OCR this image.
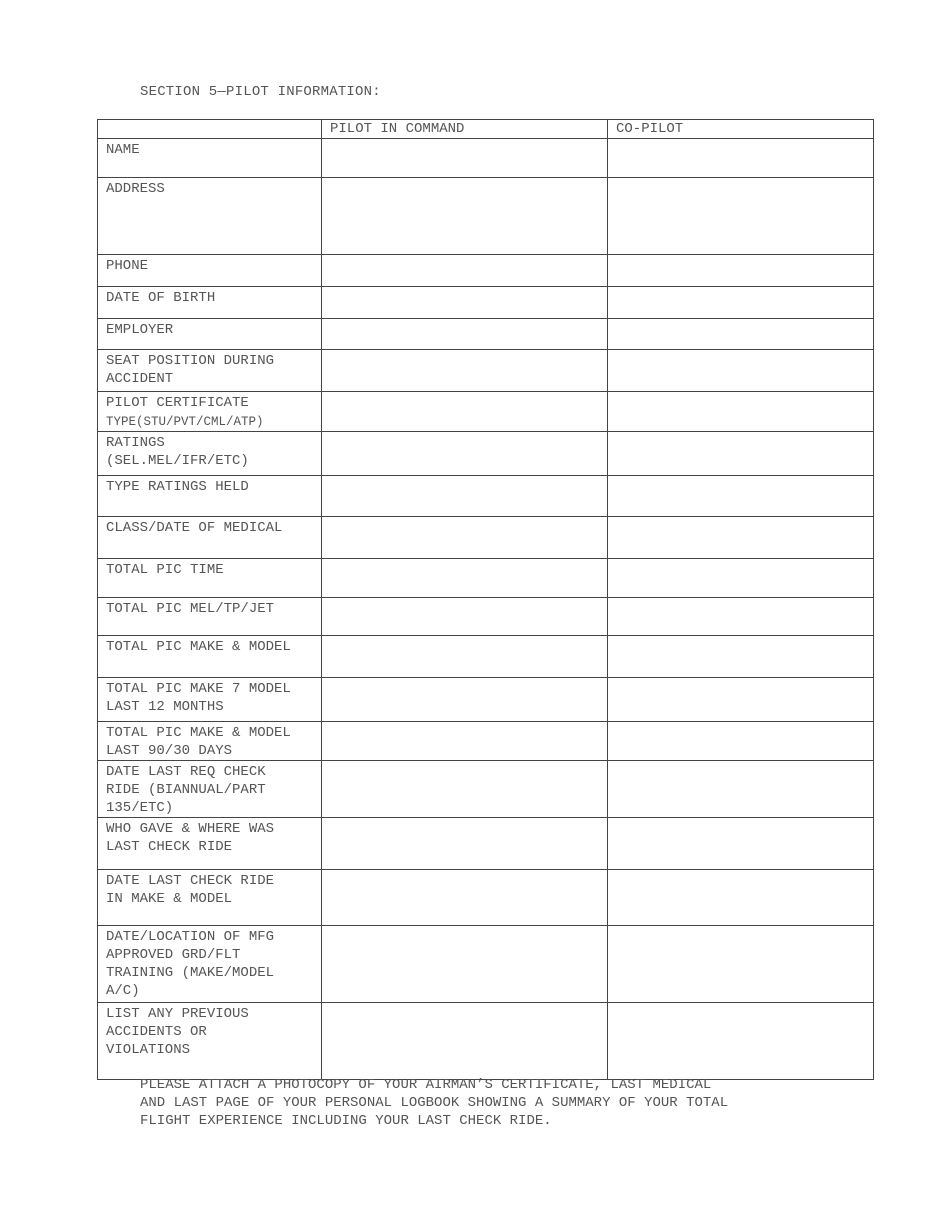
SECTION 5—PILOT INFORMATION:
	PILOT IN COMMAND	CO-PILOT

NAME		

ADDRESS		

PHONE		

DATE OF BIRTH		

EMPLOYER		

SEAT POSITION DURING
ACCIDENT		

PILOT CERTIFICATE
TYPE(STU/PVT/CML/ATP)		

RATINGS
(SEL.MEL/IFR/ETC)		

TYPE RATINGS HELD		

CLASS/DATE OF MEDICAL		

TOTAL PIC TIME		

TOTAL PIC MEL/TP/JET		

TOTAL PIC MAKE & MODEL		

TOTAL PIC MAKE 7 MODEL
LAST 12 MONTHS		

TOTAL PIC MAKE & MODEL
LAST 90/30 DAYS		

DATE LAST REQ CHECK
RIDE (BIANNUAL/PART
135/ETC)		

WHO GAVE & WHERE WAS
LAST CHECK RIDE		

DATE LAST CHECK RIDE
IN MAKE & MODEL		

DATE/LOCATION OF MFG
APPROVED GRD/FLT
TRAINING (MAKE/MODEL
A/C)		

LIST ANY PREVIOUS
ACCIDENTS OR
VIOLATIONS		

PLEASE ATTACH A PHOTOCOPY OF YOUR AIRMAN’S CERTIFICATE, LAST MEDICAL
AND LAST PAGE OF YOUR PERSONAL LOGBOOK SHOWING A SUMMARY OF YOUR TOTAL
FLIGHT EXPERIENCE INCLUDING YOUR LAST CHECK RIDE.
